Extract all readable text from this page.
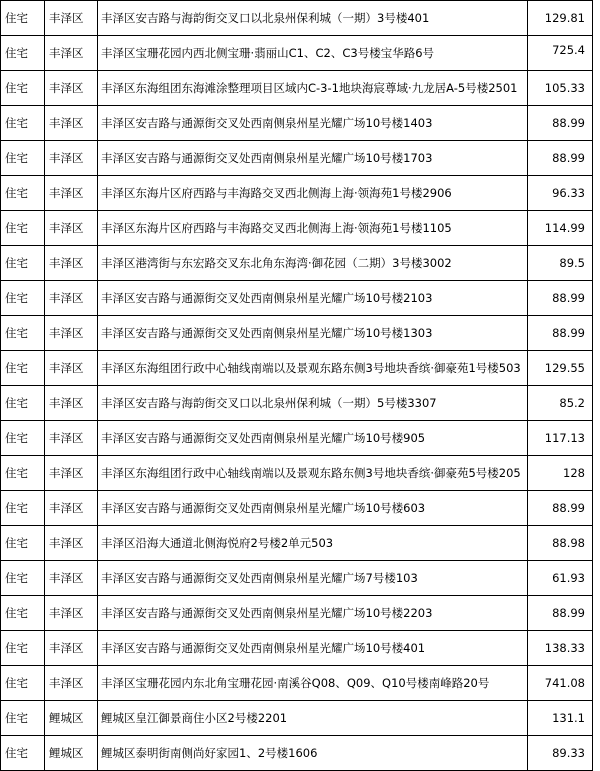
住宅	丰泽区	丰泽区安吉路与海韵街交叉口以北泉州保利城（一期）3号楼401	129.81
住宅	丰泽区	丰泽区宝珊花园内西北侧宝珊·翡丽山C1、C2、C3号楼宝华路6号	725.4
住宅	丰泽区	丰泽区东海组团东海滩涂整理项目区域内C-3-1地块海宸尊域·九龙居A-5号楼2501	105.33
住宅	丰泽区	丰泽区安吉路与通源街交叉处西南侧泉州星光耀广场10号楼1403	88.99
住宅	丰泽区	丰泽区安吉路与通源街交叉处西南侧泉州星光耀广场10号楼1703	88.99
住宅	丰泽区	丰泽区东海片区府西路与丰海路交叉西北侧海上海·领海苑1号楼2906	96.33
住宅	丰泽区	丰泽区东海片区府西路与丰海路交叉西北侧海上海·领海苑1号楼1105	114.99
住宅	丰泽区	丰泽区港湾街与东宏路交叉东北角东海湾·御花园（二期）3号楼3002	89.5
住宅	丰泽区	丰泽区安吉路与通源街交叉处西南侧泉州星光耀广场10号楼2103	88.99
住宅	丰泽区	丰泽区安吉路与通源街交叉处西南侧泉州星光耀广场10号楼1303	88.99
住宅	丰泽区	丰泽区东海组团行政中心轴线南端以及景观东路东侧3号地块香缤·御豪苑1号楼503	129.55
住宅	丰泽区	丰泽区安吉路与海韵街交叉口以北泉州保利城（一期）5号楼3307	85.2
住宅	丰泽区	丰泽区安吉路与通源街交叉处西南侧泉州星光耀广场10号楼905	117.13
住宅	丰泽区	丰泽区东海组团行政中心轴线南端以及景观东路东侧3号地块香缤·御豪苑5号楼205	128
住宅	丰泽区	丰泽区安吉路与通源街交叉处西南侧泉州星光耀广场10号楼603	88.99
住宅	丰泽区	丰泽区沿海大通道北侧海悦府2号楼2单元503	88.98
住宅	丰泽区	丰泽区安吉路与通源街交叉处西南侧泉州星光耀广场7号楼103	61.93
住宅	丰泽区	丰泽区安吉路与通源街交叉处西南侧泉州星光耀广场10号楼2203	88.99
住宅	丰泽区	丰泽区安吉路与通源街交叉处西南侧泉州星光耀广场10号楼401	138.33
住宅	丰泽区	丰泽区宝珊花园内东北角宝珊花园·南溪谷Q08、Q09、Q10号楼南峰路20号	741.08
住宅	鲤城区	鲤城区皇江御景商住小区2号楼2201	131.1
住宅	鲤城区	鲤城区泰明街南侧尚好家园1、2号楼1606	89.33
